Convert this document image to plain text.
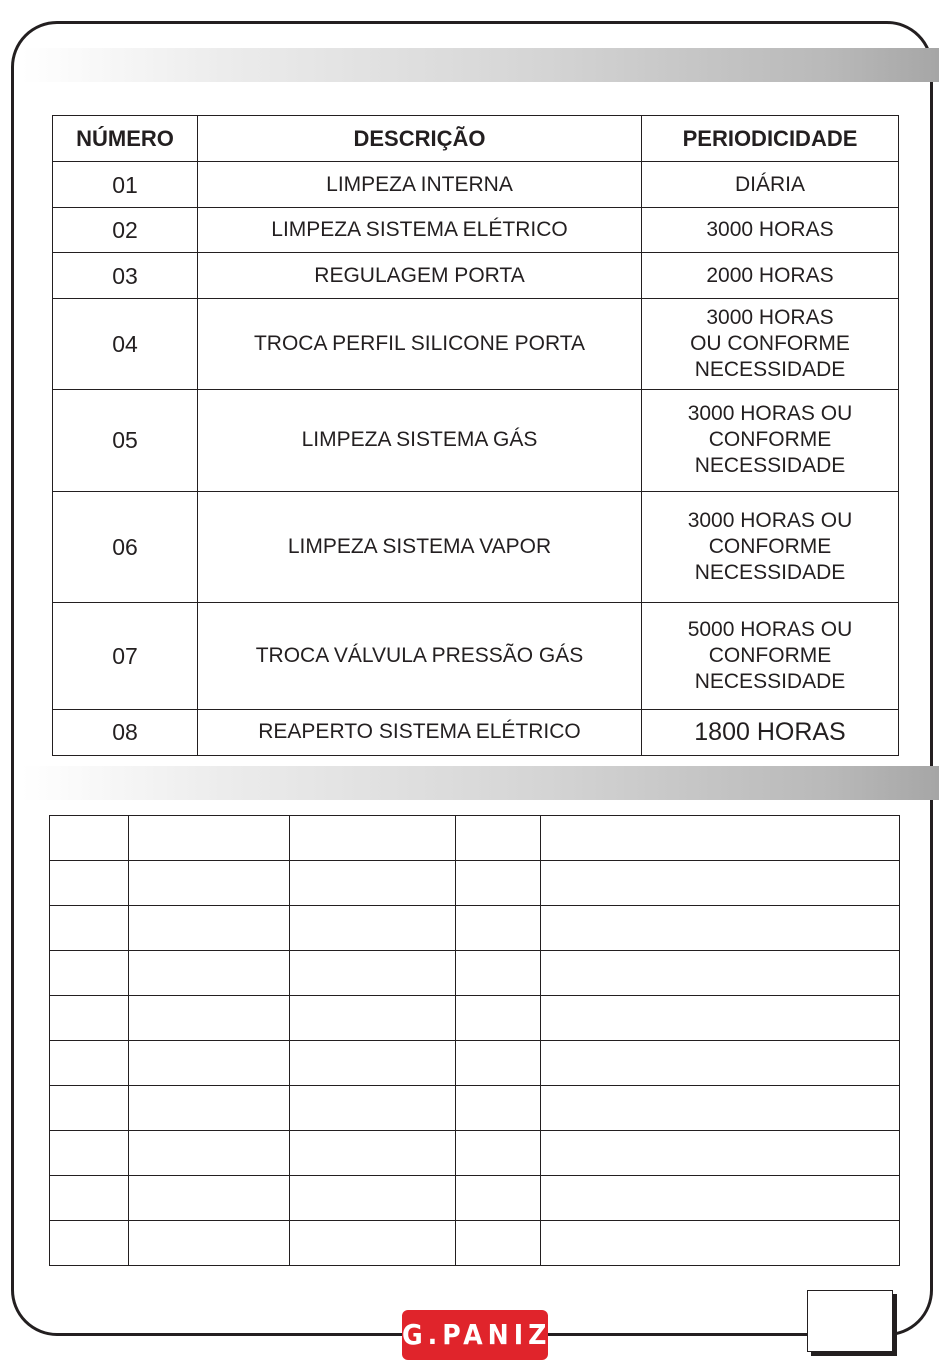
NÚMERO	DESCRIÇÃO	PERIODICIDADE
01	LIMPEZA INTERNA	DIÁRIA

02	LIMPEZA SISTEMA ELÉTRICO	3000 HORAS

03	REGULAGEM PORTA	2000 HORAS

04	TROCA PERFIL SILICONE PORTA	3000 HORAS
OU CONFORME
NECESSIDADE

05	LIMPEZA SISTEMA GÁS	3000 HORAS OU
CONFORME
NECESSIDADE

06	LIMPEZA SISTEMA VAPOR	3000 HORAS OU
CONFORME
NECESSIDADE

07	TROCA VÁLVULA PRESSÃO GÁS	5000 HORAS OU
CONFORME
NECESSIDADE

08	REAPERTO SISTEMA ELÉTRICO	1800 HORAS

G.PANIZ
